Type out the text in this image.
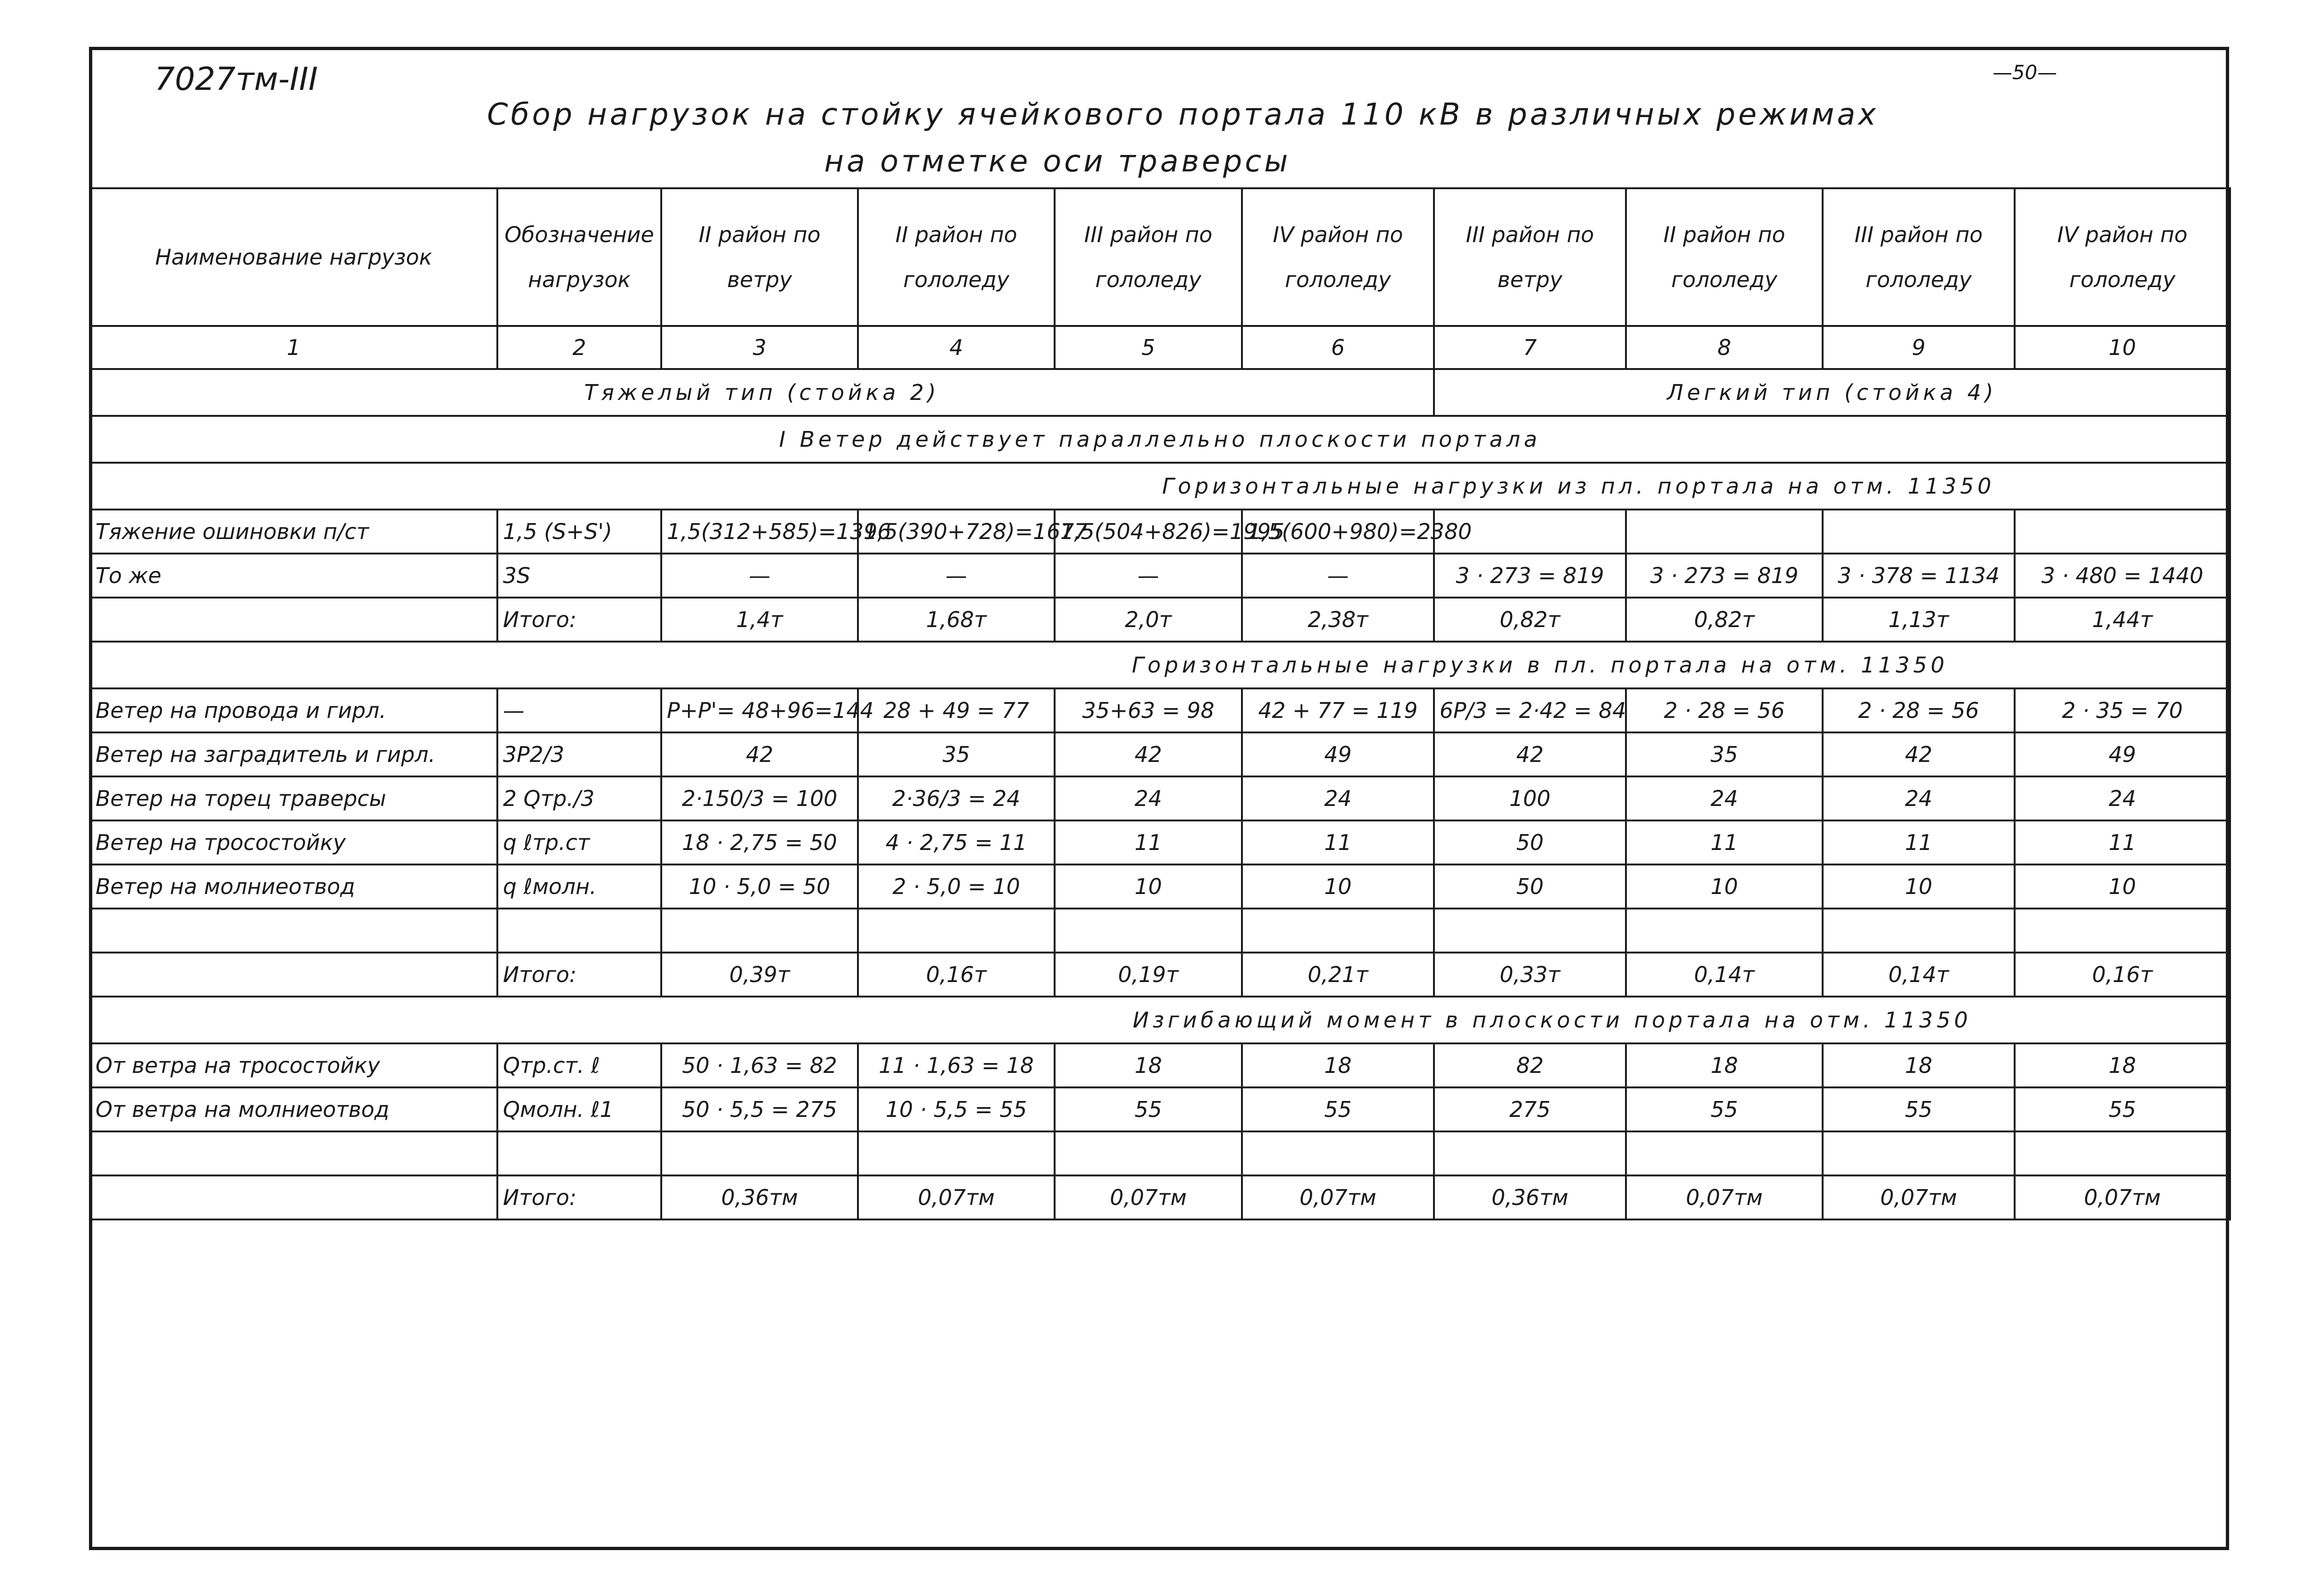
7027тм-III	—50—
Сбор нагрузок на стойку ячейкового портала 110 кВ в различных режимах
на отметке оси траверсы
Наименование нагрузок	Обозначение нагрузок	II район по ветру	II район по гололеду	III район по гололеду	IV район по гололеду	III район по ветру	II район по гололеду	III район по гололеду	IV район по гололеду
1	2	3	4	5	6	7	8	9	10
Тяжелый тип (стойка 2)						Легкий тип (стойка 4)			
I Ветер действует параллельно плоскости портала									
Горизонтальные нагрузки из пл. портала на отм. 11350									
Тяжение ошиновки п/ст	1,5 (S+S')	1,5(312+585)=1396	1,5(390+728)=1677	1,5(504+826)=1995	1,5(600+980)=2380				
То же	3S	—	—	—	—	3 · 273 = 819	3 · 273 = 819	3 · 378 = 1134	3 · 480 = 1440
	Итого:	1,4т	1,68т	2,0т	2,38т	0,82т	0,82т	1,13т	1,44т
Горизонтальные нагрузки в пл. портала на отм. 11350									
Ветер на провода и гирл.	—	P+P'= 48+96=144	28 + 49 = 77	35+63 = 98	42 + 77 = 119	6P/3 = 2·42 = 84	2 · 28 = 56	2 · 28 = 56	2 · 35 = 70
Ветер на заградитель и гирл.	3P2/3	42	35	42	49	42	35	42	49
Ветер на торец траверсы	2 Qтр./3	2·150/3 = 100	2·36/3 = 24	24	24	100	24	24	24
Ветер на тросостойку	q ℓтр.ст	18 · 2,75 = 50	4 · 2,75 = 11	11	11	50	11	11	11
Ветер на молниеотвод	q ℓмолн.	10 · 5,0 = 50	2 · 5,0 = 10	10	10	50	10	10	10

	Итого:	0,39т	0,16т	0,19т	0,21т	0,33т	0,14т	0,14т	0,16т
Изгибающий момент в плоскости портала на отм. 11350									
От ветра на тросостойку	Qтр.ст. ℓ	50 · 1,63 = 82	11 · 1,63 = 18	18	18	82	18	18	18
От ветра на молниеотвод	Qмолн. ℓ1	50 · 5,5 = 275	10 · 5,5 = 55	55	55	275	55	55	55

	Итого:	0,36тм	0,07тм	0,07тм	0,07тм	0,36тм	0,07тм	0,07тм	0,07тм
